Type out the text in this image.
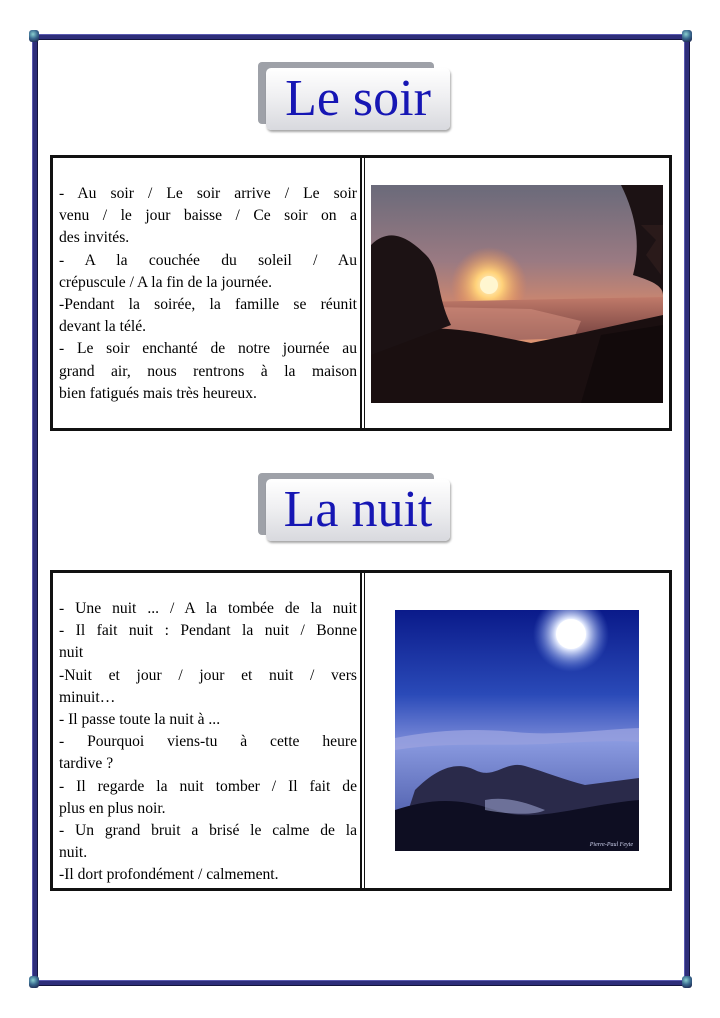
Le soir
- Au soir / Le soir arrive / Le soir
venu / le jour baisse / Ce soir on a
des invités.
- A la couchée du soleil / Au
crépuscule / A la fin de la journée.
-Pendant la soirée, la famille se réunit
devant la télé.
- Le soir enchanté de notre journée au
grand air, nous rentrons à la maison
bien fatigués mais très heureux.
La nuit
- Une nuit ... / A la tombée de la nuit
- Il fait nuit : Pendant la nuit / Bonne
nuit
-Nuit et jour / jour et nuit / vers
minuit…
- Il passe toute la nuit à ...
- Pourquoi viens-tu à cette heure
tardive ?
- Il regarde la nuit tomber / Il fait de
plus en plus noir.
- Un grand bruit a brisé le calme de la
nuit.
-Il dort profondément / calmement.
Pierre-Paul Feyte
